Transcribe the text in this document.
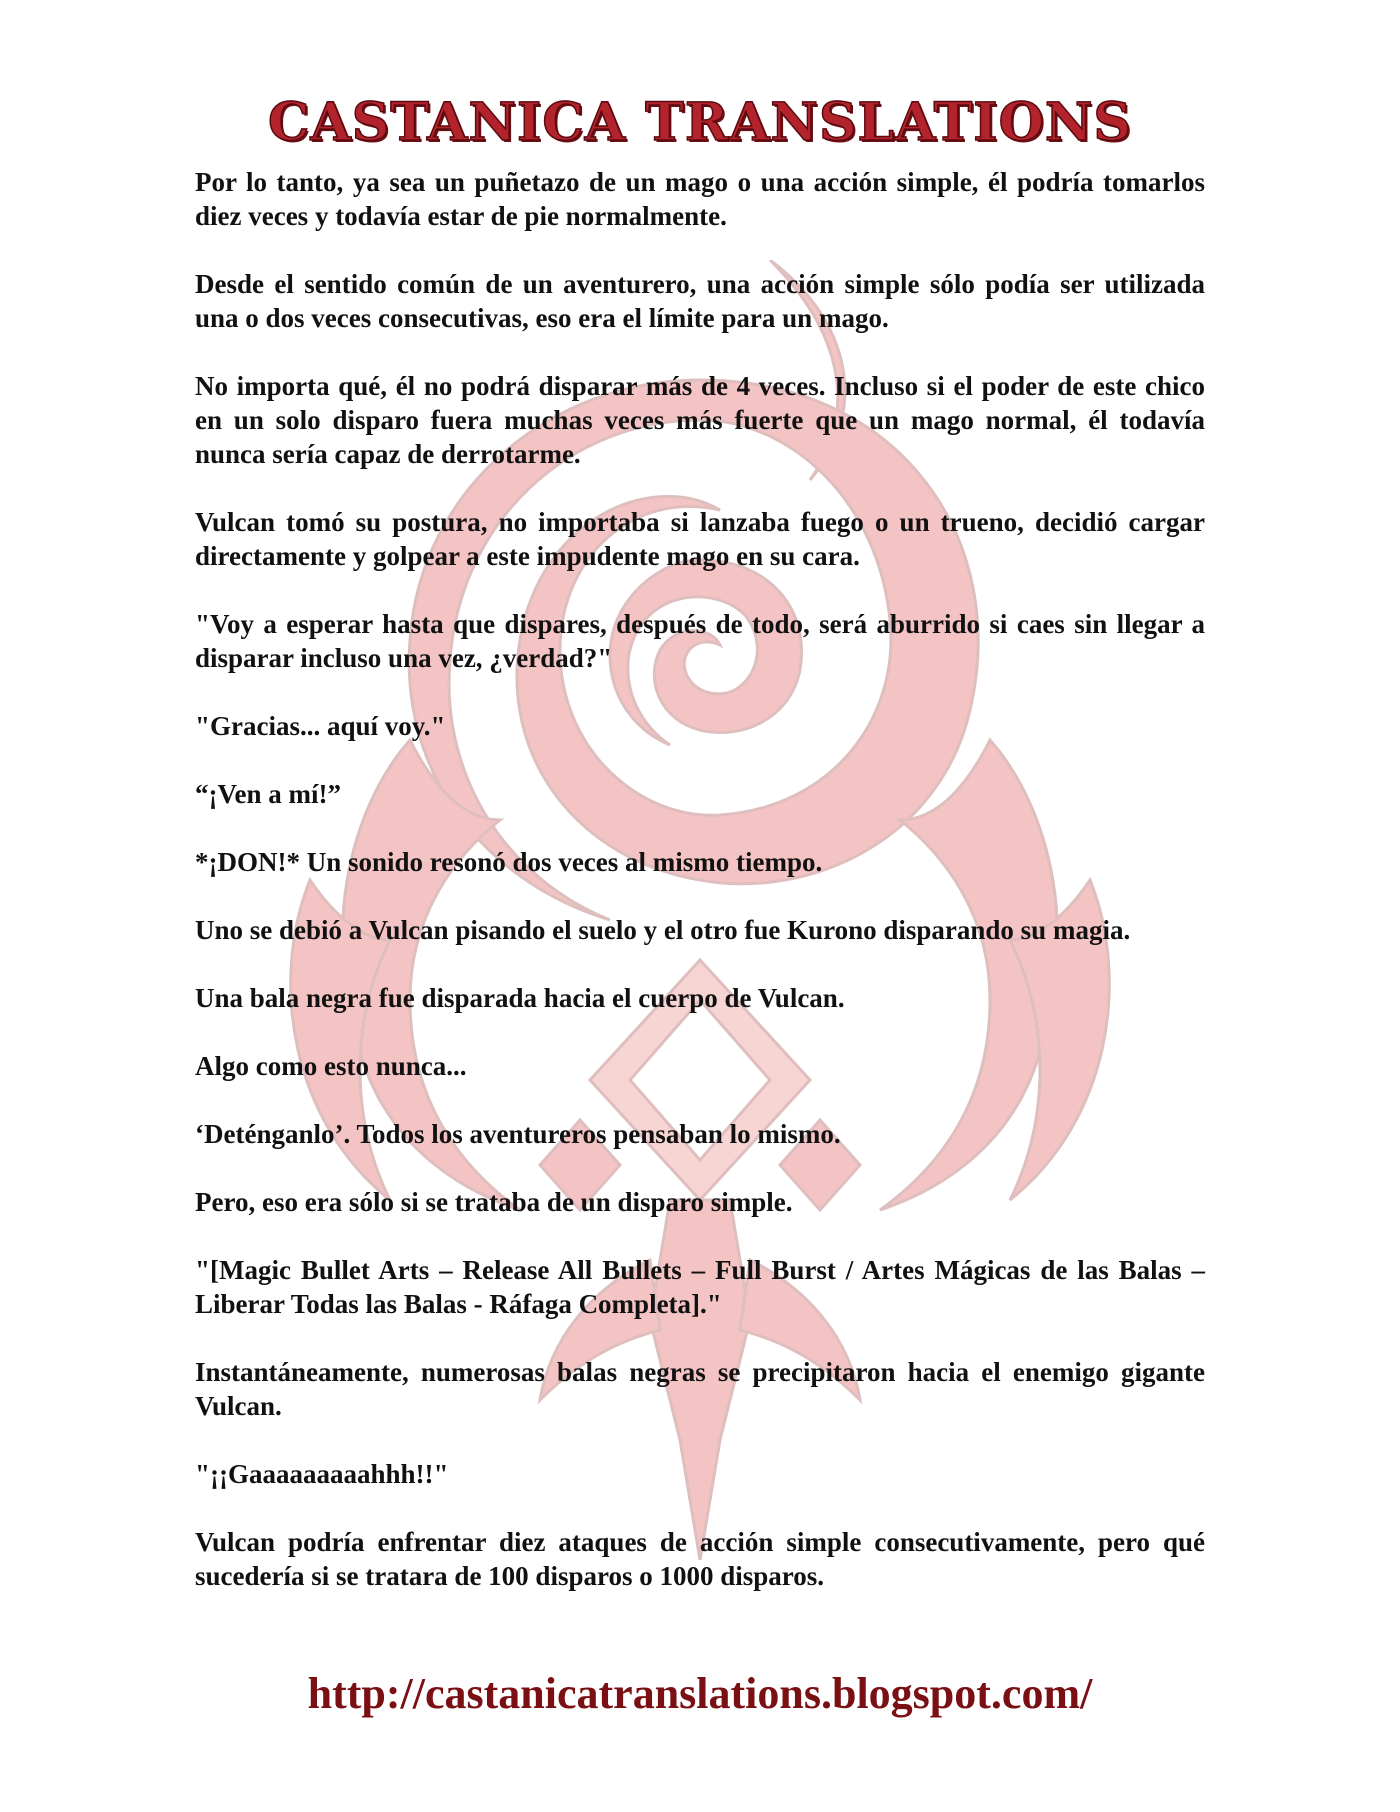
CASTANICA TRANSLATIONS

Por lo tanto, ya sea un puñetazo de un mago o una acción simple, él podría tomarlos diez veces y todavía estar de pie normalmente.

Desde el sentido común de un aventurero, una acción simple sólo podía ser utilizada una o dos veces consecutivas, eso era el límite para un mago.

No importa qué, él no podrá disparar más de 4 veces. Incluso si el poder de este chico en un solo disparo fuera muchas veces más fuerte que un mago normal, él todavía nunca sería capaz de derrotarme.

Vulcan tomó su postura, no importaba si lanzaba fuego o un trueno, decidió cargar directamente y golpear a este impudente mago en su cara.

"Voy a esperar hasta que dispares, después de todo, será aburrido si caes sin llegar a disparar incluso una vez, ¿verdad?"

"Gracias... aquí voy."

“¡Ven a mí!”

*¡DON!* Un sonido resonó dos veces al mismo tiempo.

Uno se debió a Vulcan pisando el suelo y el otro fue Kurono disparando su magia.

Una bala negra fue disparada hacia el cuerpo de Vulcan.

Algo como esto nunca...

‘Deténganlo’. Todos los aventureros pensaban lo mismo.

Pero, eso era sólo si se trataba de un disparo simple.

"[Magic Bullet Arts – Release All Bullets – Full Burst / Artes Mágicas de las Balas – Liberar Todas las Balas - Ráfaga Completa]."

Instantáneamente, numerosas balas negras se precipitaron hacia el enemigo gigante Vulcan.

"¡¡Gaaaaaaaaahhh!!"

Vulcan podría enfrentar diez ataques de acción simple consecutivamente, pero qué sucedería si se tratara de 100 disparos o 1000 disparos.

http://castanicatranslations.blogspot.com/
